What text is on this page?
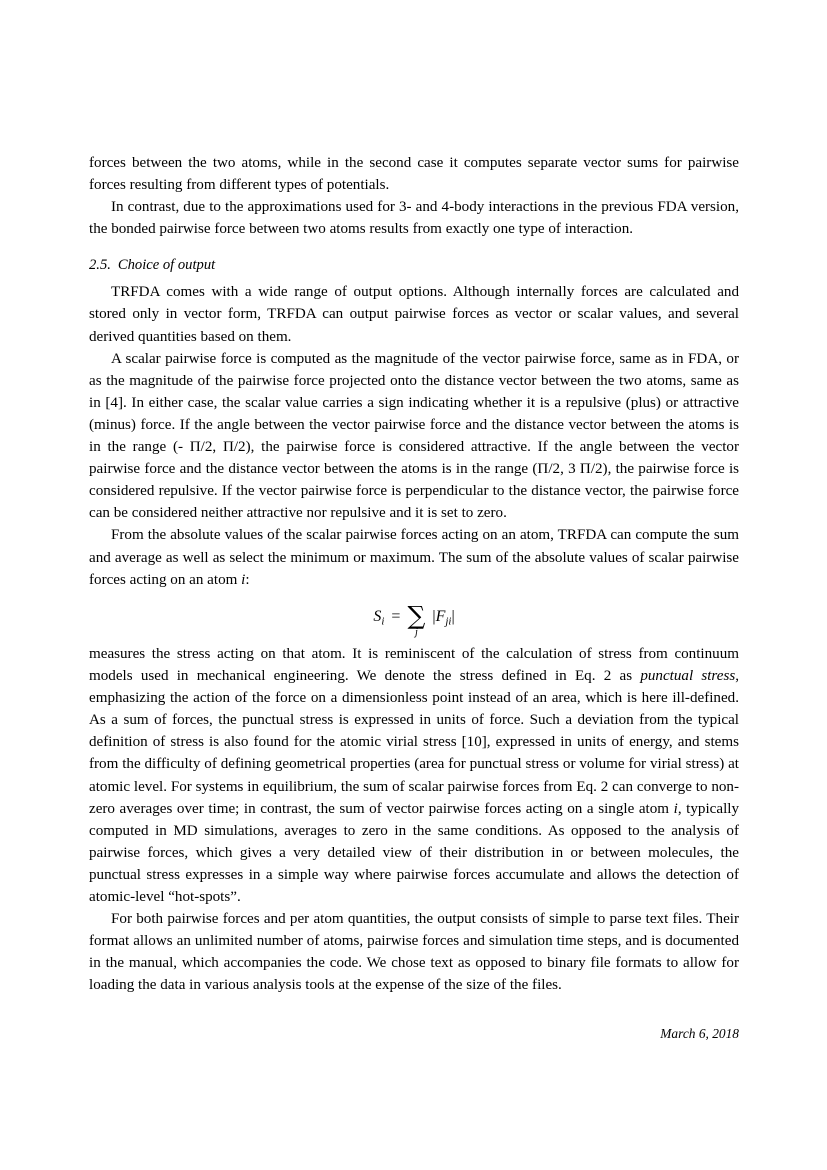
forces between the two atoms, while in the second case it computes separate vector sums for pairwise forces resulting from different types of potentials.

In contrast, due to the approximations used for 3- and 4-body interactions in the previous FDA version, the bonded pairwise force between two atoms results from exactly one type of interaction.

2.5. Choice of output

TRFDA comes with a wide range of output options. Although internally forces are calculated and stored only in vector form, TRFDA can output pairwise forces as vector or scalar values, and several derived quantities based on them.

A scalar pairwise force is computed as the magnitude of the vector pairwise force, same as in FDA, or as the magnitude of the pairwise force projected onto the distance vector between the two atoms, same as in [4]. In either case, the scalar value carries a sign indicating whether it is a repulsive (plus) or attractive (minus) force. If the angle between the vector pairwise force and the distance vector between the atoms is in the range (- Π/2, Π/2), the pairwise force is considered attractive. If the angle between the vector pairwise force and the distance vector between the atoms is in the range (Π/2, 3 Π/2), the pairwise force is considered repulsive. If the vector pairwise force is perpendicular to the distance vector, the pairwise force can be considered neither attractive nor repulsive and it is set to zero.

From the absolute values of the scalar pairwise forces acting on an atom, TRFDA can compute the sum and average as well as select the minimum or maximum. The sum of the absolute values of scalar pairwise forces acting on an atom i:

$S_i$ = ∑
j
$|F_{ji}|$

measures the stress acting on that atom. It is reminiscent of the calculation of stress from continuum models used in mechanical engineering. We denote the stress defined in Eq. 2 as punctual stress, emphasizing the action of the force on a dimensionless point instead of an area, which is here ill-defined. As a sum of forces, the punctual stress is expressed in units of force. Such a deviation from the typical definition of stress is also found for the atomic virial stress [10], expressed in units of energy, and stems from the difficulty of defining geometrical properties (area for punctual stress or volume for virial stress) at atomic level. For systems in equilibrium, the sum of scalar pairwise forces from Eq. 2 can converge to non-zero averages over time; in contrast, the sum of vector pairwise forces acting on a single atom i, typically computed in MD simulations, averages to zero in the same conditions. As opposed to the analysis of pairwise forces, which gives a very detailed view of their distribution in or between molecules, the punctual stress expresses in a simple way where pairwise forces accumulate and allows the detection of atomic-level “hot-spots”.

For both pairwise forces and per atom quantities, the output consists of simple to parse text files. Their format allows an unlimited number of atoms, pairwise forces and simulation time steps, and is documented in the manual, which accompanies the code. We chose text as opposed to binary file formats to allow for loading the data in various analysis tools at the expense of the size of the files.

March 6, 2018
